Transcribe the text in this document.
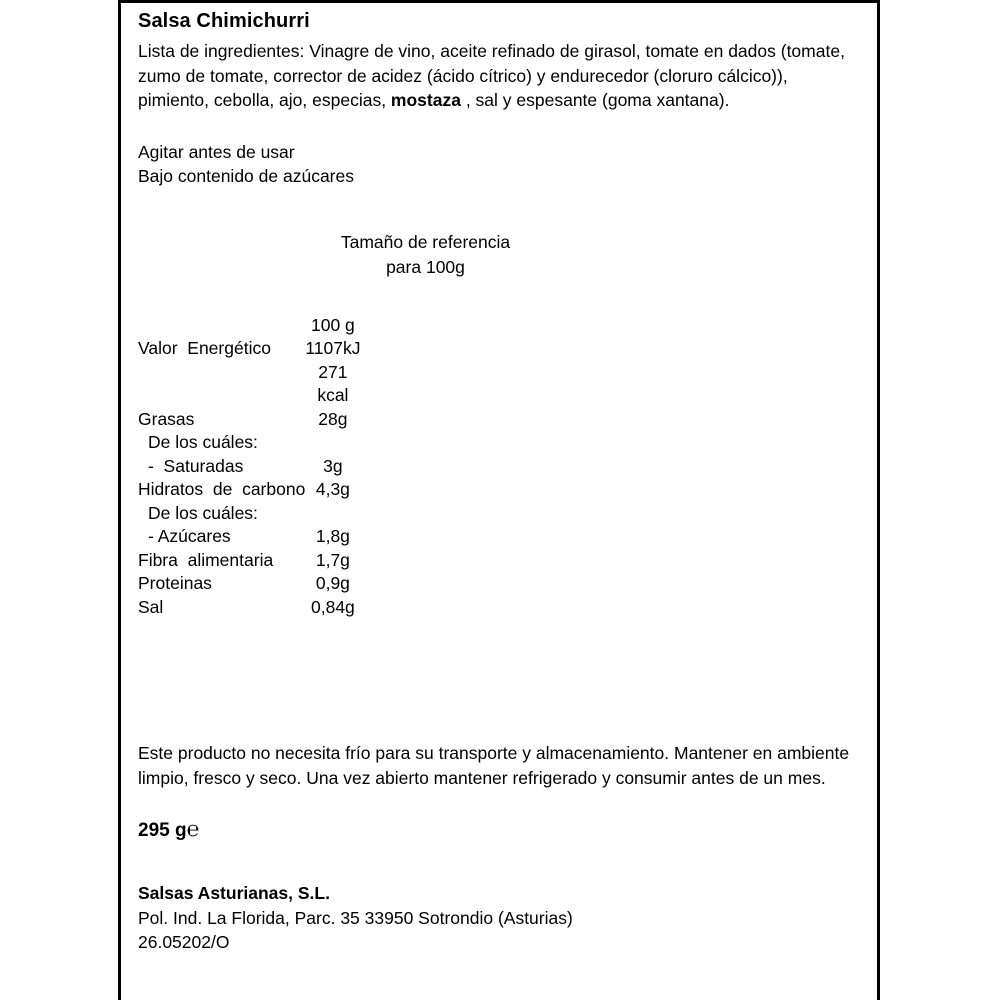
Salsa Chimichurri

Lista de ingredientes: Vinagre de vino, aceite refinado de girasol, tomate en dados (tomate, zumo de tomate, corrector de acidez (ácido cítrico) y endurecedor (cloruro cálcico)), pimiento, cebolla, ajo, especias, mostaza , sal y espesante (goma xantana).

Agitar antes de usar
Bajo contenido de azúcares
Tamaño de referencia
para 100g
	100 g	
Valor  Energético	1107kJ	
	271 kcal	
Grasas	28g	
De los cuáles:		
-  Saturadas	3g	
Hidratos  de  carbono	4,3g	
De los cuáles:		
- Azúcares	1,8g	
Fibra  alimentaria	1,7g	
Proteinas	0,9g	
Sal	0,84g	

Este producto no necesita frío para su transporte y almacenamiento. Mantener en ambiente limpio, fresco y seco. Una vez abierto mantener refrigerado y consumir antes de un mes.

295 g℮
Salsas Asturianas, S.L.
Pol. Ind. La Florida, Parc. 35 33950 Sotrondio (Asturias)
26.05202/O
